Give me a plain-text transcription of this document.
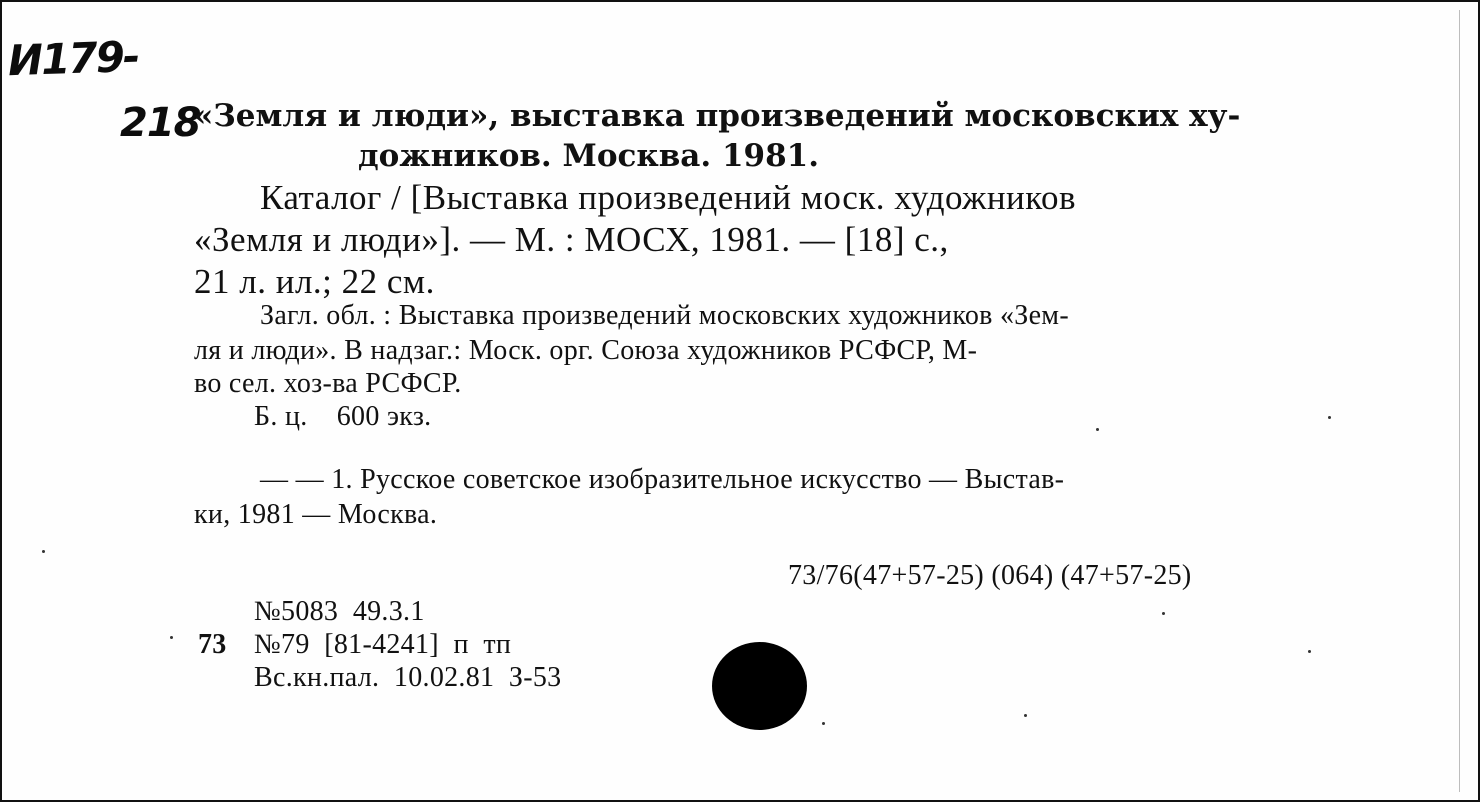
И179-
218
«Земля и люди», выставка произведений московских ху-
дожников. Москва. 1981.
Каталог / [Выставка произведений моск. художников
«Земля и люди»]. — М. : МОСХ, 1981. — [18] с.,
21 л. ил.; 22 см.
Загл. обл. : Выставка произведений московских художников «Зем-
ля и люди». В надзаг.: Моск. орг. Союза художников РСФСР, М-
во сел. хоз-ва РСФСР.
Б. ц.    600 экз.
— — 1. Русское советское изобразительное искусство — Выстав-
ки, 1981 — Москва.
73/76(47+57-25) (064) (47+57-25)
№5083  49.3.1
73 №79  [81-4241]  п  тп
Вс.кн.пал.  10.02.81  З-53
